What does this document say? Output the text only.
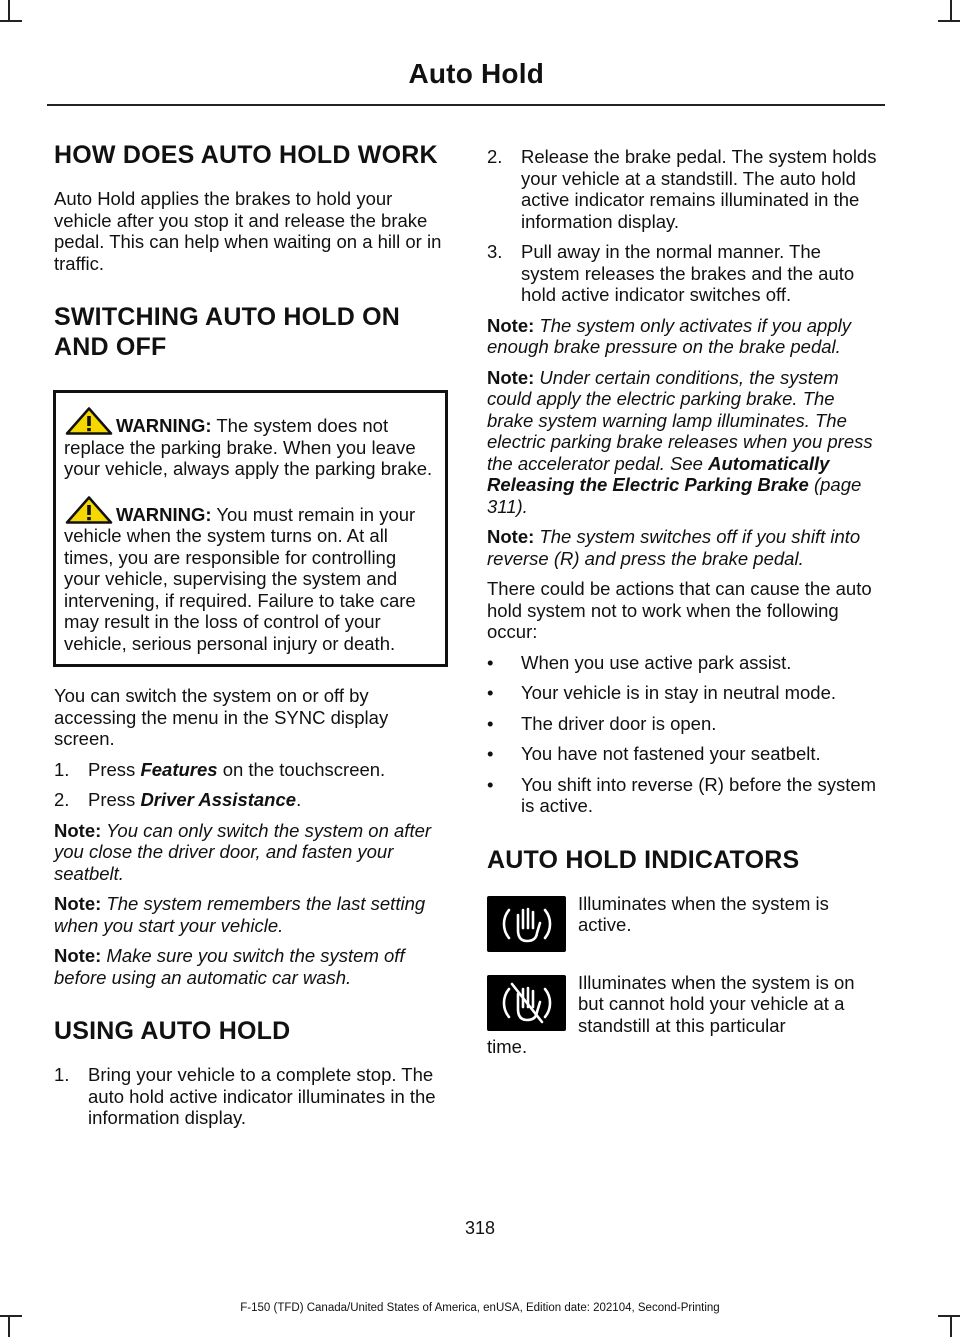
Auto Hold
HOW DOES AUTO HOLD WORK

Auto Hold applies the brakes to hold your vehicle after you stop it and release the brake pedal. This can help when waiting on a hill or in traffic.

SWITCHING AUTO HOLD ON
AND OFF

WARNING: The system does not replace the parking brake. When you leave your vehicle, always apply the parking brake.

WARNING: You must remain in your vehicle when the system turns on. At all times, you are responsible for controlling your vehicle, supervising the system and intervening, if required. Failure to take care may result in the loss of control of your vehicle, serious personal injury or death.

You can switch the system on or off by accessing the menu in the SYNC display screen.

1.	Press Features on the touchscreen.
2.	Press Driver Assistance.

Note: You can only switch the system on after you close the driver door, and fasten your seatbelt.

Note: The system remembers the last setting when you start your vehicle.

Note: Make sure you switch the system off before using an automatic car wash.

USING AUTO HOLD
1.	Bring your vehicle to a complete stop. The auto hold active indicator illuminates in the information display.
2.	Release the brake pedal. The system holds your vehicle at a standstill. The auto hold active indicator remains illuminated in the information display.
3.	Pull away in the normal manner. The system releases the brakes and the auto hold active indicator switches off.

Note: The system only activates if you apply enough brake pressure on the brake pedal.

Note: Under certain conditions, the system could apply the electric parking brake. The brake system warning lamp illuminates. The electric parking brake releases when you press the accelerator pedal. See Automatically Releasing the Electric Parking Brake (page 311).

Note: The system switches off if you shift into reverse (R) and press the brake pedal.

There could be actions that can cause the auto hold system not to work when the following occur:

•	When you use active park assist.
•	Your vehicle is in stay in neutral mode.
•	The driver door is open.
•	You have not fastened your seatbelt.
•	You shift into reverse (R) before the system is active.
AUTO HOLD INDICATORS
Illuminates when the system is active.
Illuminates when the system is on but cannot hold your vehicle at a standstill at this particular

time.

318
F-150 (TFD) Canada/United States of America, enUSA, Edition date: 202104, Second-Printing
